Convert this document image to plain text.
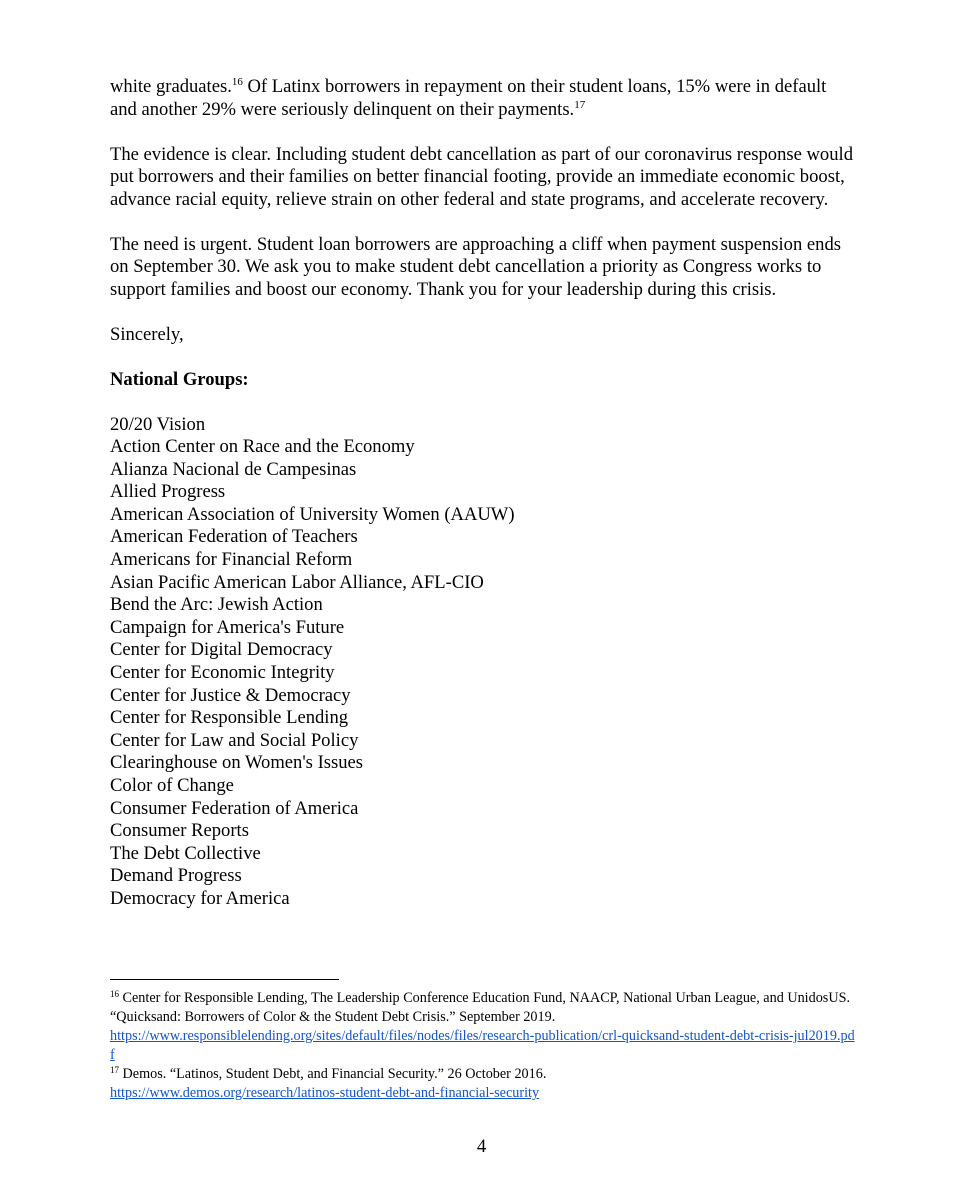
white graduates.$^{16}$ Of Latinx borrowers in repayment on their student loans, 15% were in default and another 29% were seriously delinquent on their payments.$^{17}$

The evidence is clear. Including student debt cancellation as part of our coronavirus response would put borrowers and their families on better financial footing, provide an immediate economic boost, advance racial equity, relieve strain on other federal and state programs, and accelerate recovery.

The need is urgent. Student loan borrowers are approaching a cliff when payment suspension ends on September 30. We ask you to make student debt cancellation a priority as Congress works to support families and boost our economy. Thank you for your leadership during this crisis.

Sincerely,

National Groups:

20/20 Vision
Action Center on Race and the Economy
Alianza Nacional de Campesinas
Allied Progress
American Association of University Women (AAUW)
American Federation of Teachers
Americans for Financial Reform
Asian Pacific American Labor Alliance, AFL-CIO
Bend the Arc: Jewish Action
Campaign for America's Future
Center for Digital Democracy
Center for Economic Integrity
Center for Justice & Democracy
Center for Responsible Lending
Center for Law and Social Policy
Clearinghouse on Women's Issues
Color of Change
Consumer Federation of America
Consumer Reports
The Debt Collective
Demand Progress
Democracy for America

$^{16}$ Center for Responsible Lending, The Leadership Conference Education Fund, NAACP, National Urban League, and UnidosUS. “Quicksand: Borrowers of Color & the Student Debt Crisis.” September 2019.
https://www.responsiblelending.org/sites/default/files/nodes/files/research-publication/crl-quicksand-student-debt-crisis-jul2019.pdf

$^{17}$ Demos. “Latinos, Student Debt, and Financial Security.” 26 October 2016.
https://www.demos.org/research/latinos-student-debt-and-financial-security

4
